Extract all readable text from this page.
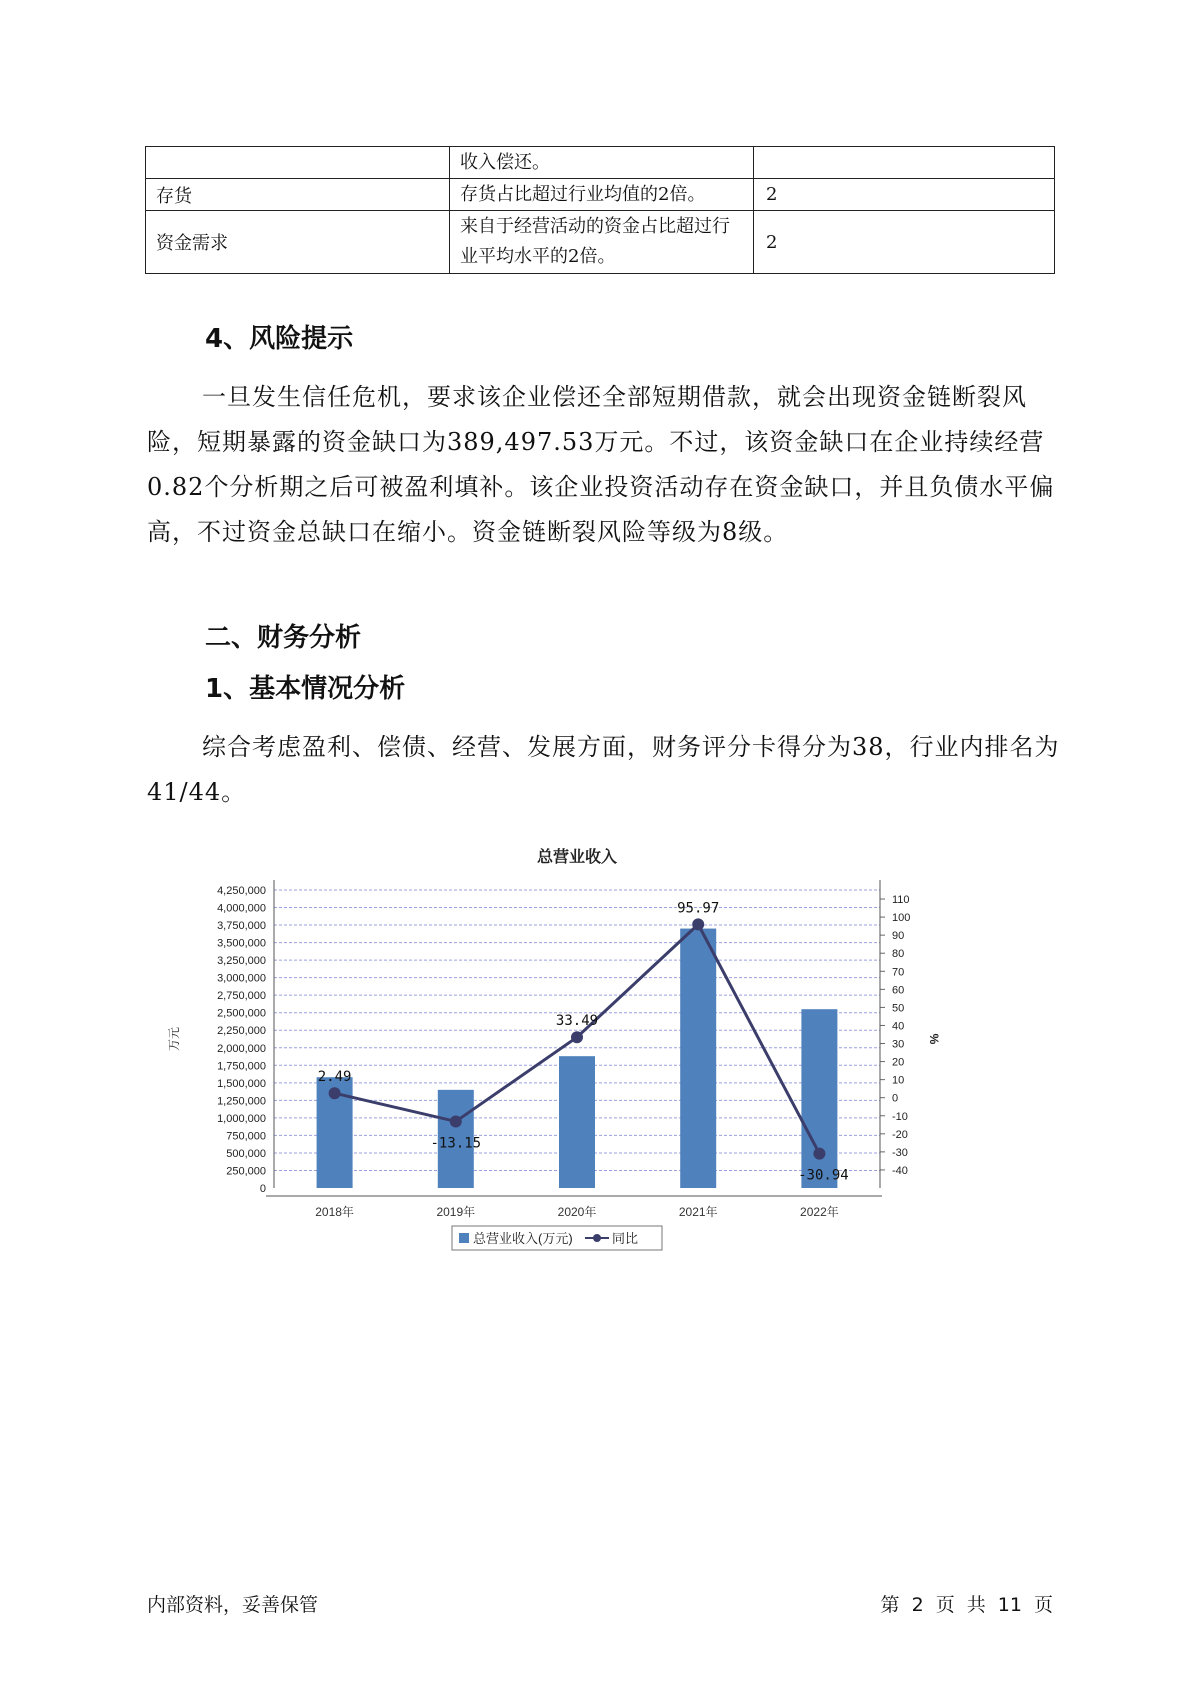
	收入偿还。	
存货	存货占比超过行业均值的2倍。	2
资金需求	来自于经营活动的资金占比超过行业平均水平的2倍。	2
4、风险提示

一旦发生信任危机，要求该企业偿还全部短期借款，就会出现资金链断裂风险，短期暴露的资金缺口为389,497.53万元。不过，该资金缺口在企业持续经营 0.82个分析期之后可被盈利填补。该企业投资活动存在资金缺口，并且负债水平偏高，不过资金总缺口在缩小。资金链断裂风险等级为8级。

二、财务分析
1、基本情况分析

综合考虑盈利、偿债、经营、发展方面，财务评分卡得分为38，行业内排名为41/44。

总营业收入
0
250,000
500,000
750,000
1,000,000
1,250,000
1,500,000
1,750,000
2,000,000
2,250,000
2,500,000
2,750,000
3,000,000
3,250,000
3,500,000
3,750,000
4,000,000
4,250,000
-40
-30
-20
-10
0
10
20
30
40
50
60
70
80
90
100
110
万元	%
2018年	2019年	2020年	2021年	2022年
2.49
-13.15
33.49
95.97
-30.94
总营业收入(万元)	同比
内部资料，妥善保管	第 2 页 共 11 页
